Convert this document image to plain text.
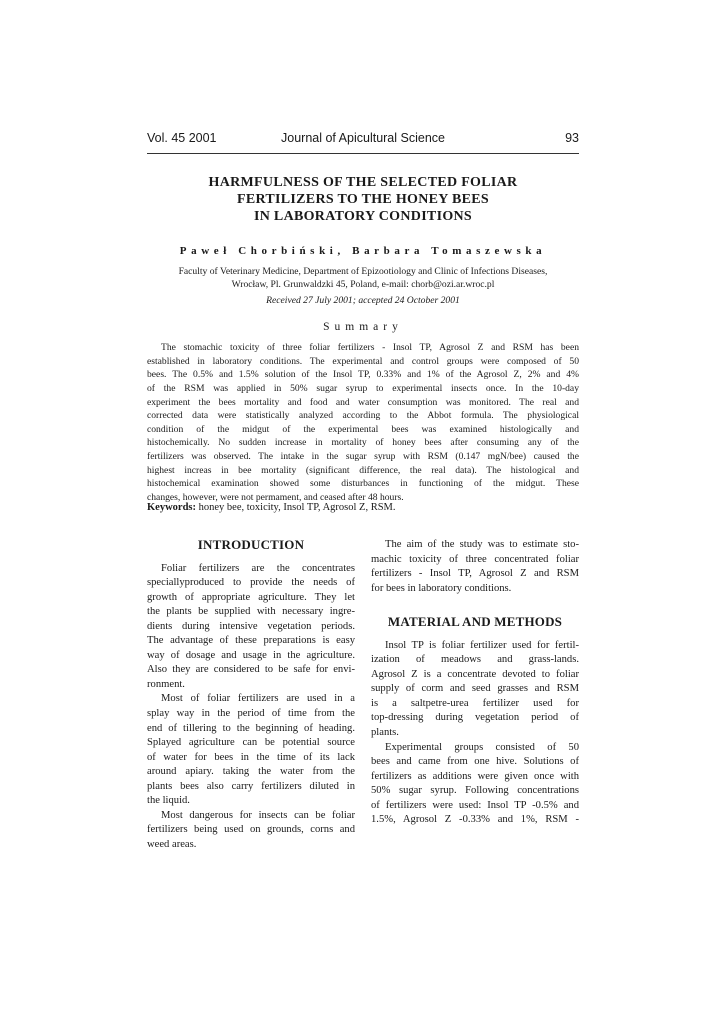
Vol. 45 2001	Journal of Apicultural Science	93
HARMFULNESS OF THE SELECTED FOLIAR
FERTILIZERS TO THE HONEY BEES
IN LABORATORY CONDITIONS
Paweł Chorbiński, Barbara Tomaszewska
Faculty of Veterinary Medicine, Department of Epizootiology and Clinic of Infections Diseases,
Wrocław, Pl. Grunwaldzki 45, Poland, e-mail: chorb@ozi.ar.wroc.pl
Received 27 July 2001; accepted 24 October 2001
Summary
The stomachic toxicity of three foliar fertilizers - Insol TP, Agrosol Z and RSM has been
established in laboratory conditions. The experimental and control groups were composed of 50
bees. The 0.5% and 1.5% solution of the Insol TP, 0.33% and 1% of the Agrosol Z, 2% and 4%
of the RSM was applied in 50% sugar syrup to experimental insects once. In the 10-day
experiment the bees mortality and food and water consumption was monitored. The real and
corrected data were statistically analyzed according to the Abbot formula. The physiological
condition of the midgut of the experimental bees was examined histologically and
histochemically. No sudden increase in mortality of honey bees after consuming any of the
fertilizers was observed. The intake in the sugar syrup with RSM (0.147 mgN/bee) caused the
highest increas in bee mortality (significant difference, the real data). The histological and
histochemical examination showed some disturbances in functioning of the midgut. These
changes, however, were not permament, and ceased after 48 hours.
Keywords: honey bee, toxicity, Insol TP, Agrosol Z, RSM.
INTRODUCTION
Foliar fertilizers are the concentrates
speciallyproduced to provide the needs of
growth of appropriate agriculture. They let
the plants be supplied with necessary ingre-
dients during intensive vegetation periods.
The advantage of these preparations is easy
way of dosage and usage in the agriculture.
Also they are considered to be safe for envi-
ronment.
Most of foliar fertilizers are used in a
splay way in the period of time from the
end of tillering to the beginning of heading.
Splayed agriculture can be potential source
of water for bees in the time of its lack
around apiary. taking the water from the
plants bees also carry fertilizers diluted in
the liquid.
Most dangerous for insects can be foliar
fertilizers being used on grounds, corns and
weed areas.
The aim of the study was to estimate sto-
machic toxicity of three concentrated foliar
fertilizers - Insol TP, Agrosol Z and RSM
for bees in laboratory conditions.
MATERIAL AND METHODS
Insol TP is foliar fertilizer used for fertil-
ization of meadows and grass-lands.
Agrosol Z is a concentrate devoted to foliar
supply of corm and seed grasses and RSM
is a saltpetre-urea fertilizer used for
top-dressing during vegetation period of
plants.
Experimental groups consisted of 50
bees and came from one hive. Solutions of
fertilizers as additions were given once with
50% sugar syrup. Following concentrations
of fertilizers were used: Insol TP -0.5% and
1.5%, Agrosol Z -0.33% and 1%, RSM -
